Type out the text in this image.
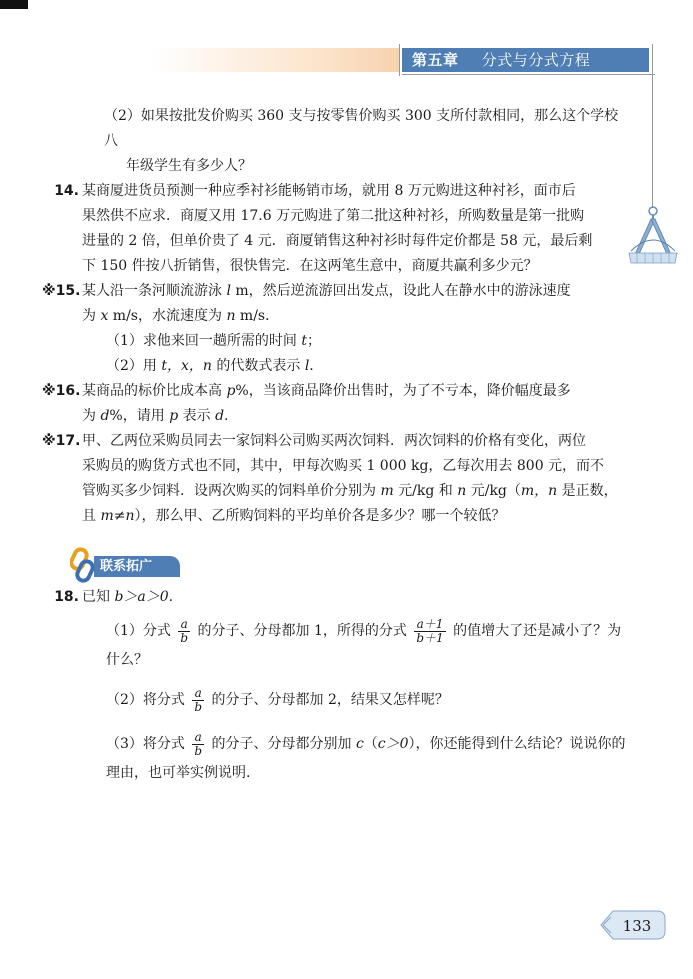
第五章 分式与分式方程
（2）如果按批发价购买 360 支与按零售价购买 300 支所付款相同，那么这个学校八
年级学生有多少人？
14. 某商厦进货员预测一种应季衬衫能畅销市场，就用 8 万元购进这种衬衫，面市后
果然供不应求．商厦又用 17.6 万元购进了第二批这种衬衫，所购数量是第一批购
进量的 2 倍，但单价贵了 4 元．商厦销售这种衬衫时每件定价都是 58 元，最后剩
下 150 件按八折销售，很快售完．在这两笔生意中，商厦共赢利多少元？
※15. 某人沿一条河顺流游泳 l m，然后逆流游回出发点，设此人在静水中的游泳速度
为 x m/s，水流速度为 n m/s．
（1）求他来回一趟所需的时间 t；
（2）用 t，x，n 的代数式表示 l.
※16. 某商品的标价比成本高 p%，当该商品降价出售时，为了不亏本，降价幅度最多
为 d%，请用 p 表示 d.
※17. 甲、乙两位采购员同去一家饲料公司购买两次饲料．两次饲料的价格有变化，两位
采购员的购货方式也不同，其中，甲每次购买 1 000 kg，乙每次用去 800 元，而不
管购买多少饲料．设两次购买的饲料单价分别为 m 元/kg 和 n 元/kg（m，n 是正数，
且 m≠n），那么甲、乙所购饲料的平均单价各是多少？哪一个较低？
联系拓广
18. 已知 b＞a＞0.
（1）分式 $\frac{a}{b}$ 的分子、分母都加 1，所得的分式 $\frac{a+1}{b+1}$ 的值增大了还是减小了？为
什么？
（2）将分式 $\frac{a}{b}$ 的分子、分母都加 2，结果又怎样呢？
（3）将分式 $\frac{a}{b}$ 的分子、分母都分别加 c（c＞0），你还能得到什么结论？说说你的
理由，也可举实例说明.
133
